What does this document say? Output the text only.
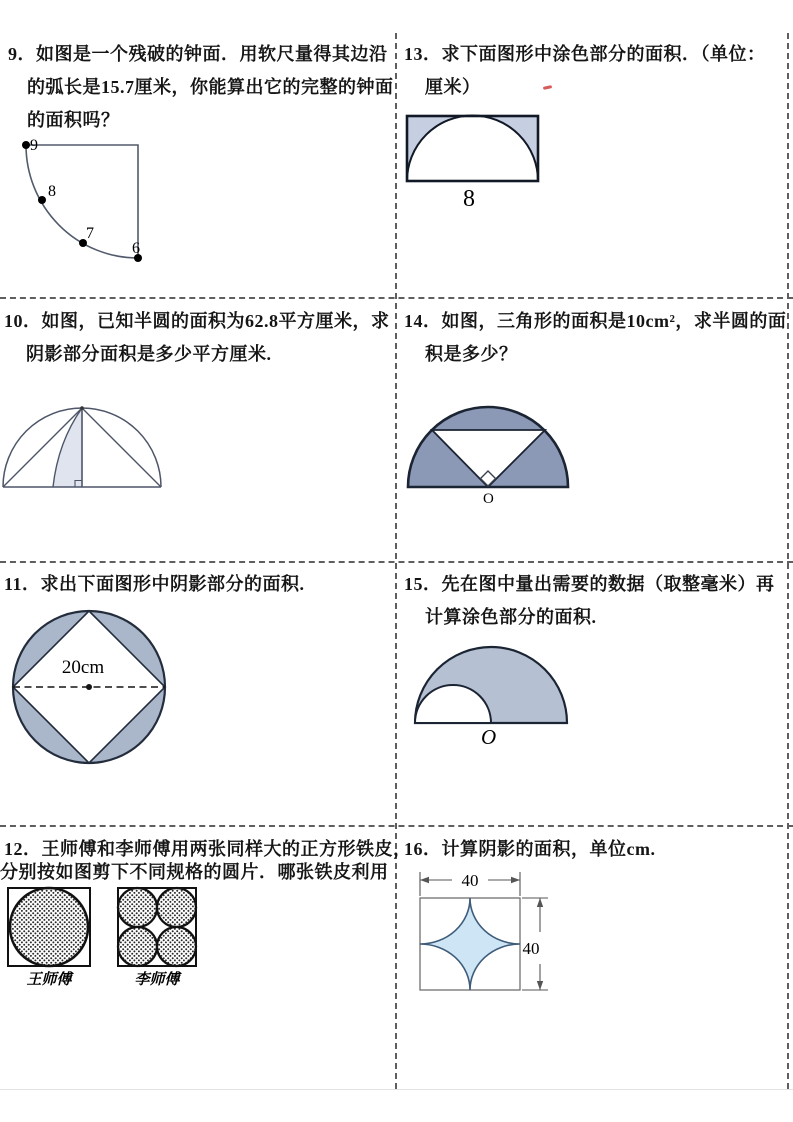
9．如图是一个残破的钟面．用软尺量得其边沿
的弧长是15.7厘米，你能算出它的完整的钟面
的面积吗？
9
8
7
6
13．求下面图形中涂色部分的面积．（单位：
厘米）
8
10．如图，已知半圆的面积为62.8平方厘米，求
阴影部分面积是多少平方厘米.
14．如图，三角形的面积是10cm²，求半圆的面
积是多少？
O
11．求出下面图形中阴影部分的面积.
20cm
15．先在图中量出需要的数据（取整毫米）再
计算涂色部分的面积.
O
12．王师傅和李师傅用两张同样大的正方形铁皮，
分别按如图剪下不同规格的圆片．哪张铁皮利用
王师傅	李师傅
16．计算阴影的面积，单位cm.
40
40
